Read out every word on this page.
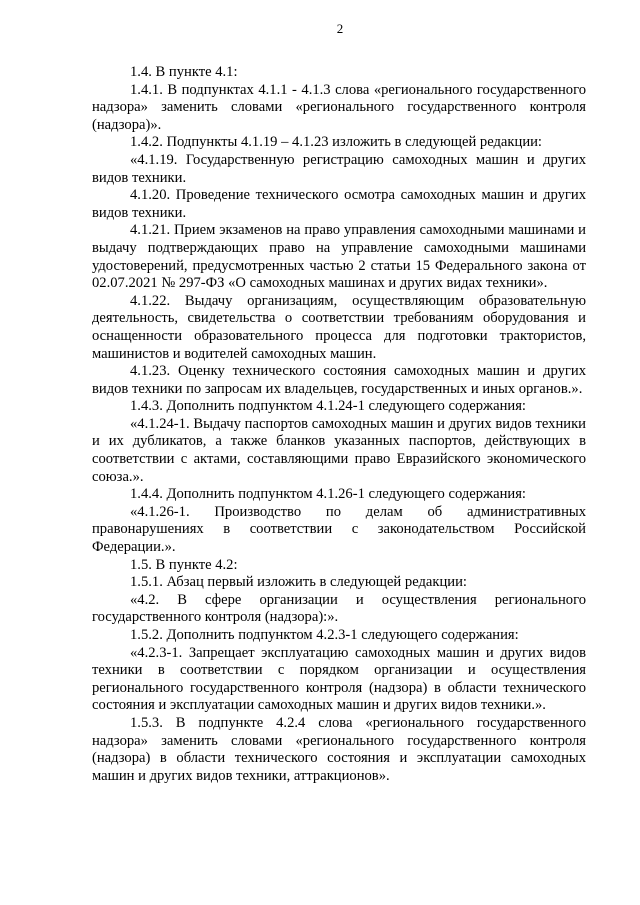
2

1.4. В пункте 4.1:

1.4.1. В подпунктах 4.1.1 - 4.1.3 слова «регионального государственного надзора» заменить словами «регионального государственного контроля (надзора)».

1.4.2. Подпункты 4.1.19 – 4.1.23 изложить в следующей редакции:

«4.1.19. Государственную регистрацию самоходных машин и других видов техники.

4.1.20. Проведение технического осмотра самоходных машин и других видов техники.

4.1.21. Прием экзаменов на право управления самоходными машинами и выдачу подтверждающих право на управление самоходными машинами удостоверений, предусмотренных частью 2 статьи 15 Федерального закона от 02.07.2021 № 297-ФЗ «О самоходных машинах и других видах техники».

4.1.22. Выдачу организациям, осуществляющим образовательную деятельность, свидетельства о соответствии требованиям оборудования и оснащенности образовательного процесса для подготовки трактористов, машинистов и водителей самоходных машин.

4.1.23. Оценку технического состояния самоходных машин и других видов техники по запросам их владельцев, государственных и иных органов.».

1.4.3. Дополнить подпунктом 4.1.24-1 следующего содержания:

«4.1.24-1. Выдачу паспортов самоходных машин и других видов техники и их дубликатов, а также бланков указанных паспортов, действующих в соответствии с актами, составляющими право Евразийского экономического союза.».

1.4.4. Дополнить подпунктом 4.1.26-1 следующего содержания:

«4.1.26-1. Производство по делам об административных правонарушениях в соответствии с законодательством Российской Федерации.».

1.5. В пункте 4.2:

1.5.1. Абзац первый изложить в следующей редакции:

«4.2. В сфере организации и осуществления регионального государственного контроля (надзора):».

1.5.2. Дополнить подпунктом 4.2.3-1 следующего содержания:

«4.2.3-1. Запрещает эксплуатацию самоходных машин и других видов техники в соответствии с порядком организации и осуществления регионального государственного контроля (надзора) в области технического состояния и эксплуатации самоходных машин и других видов техники.».

1.5.3. В подпункте 4.2.4 слова «регионального государственного надзора» заменить словами «регионального государственного контроля (надзора) в области технического состояния и эксплуатации самоходных машин и других видов техники, аттракционов».
